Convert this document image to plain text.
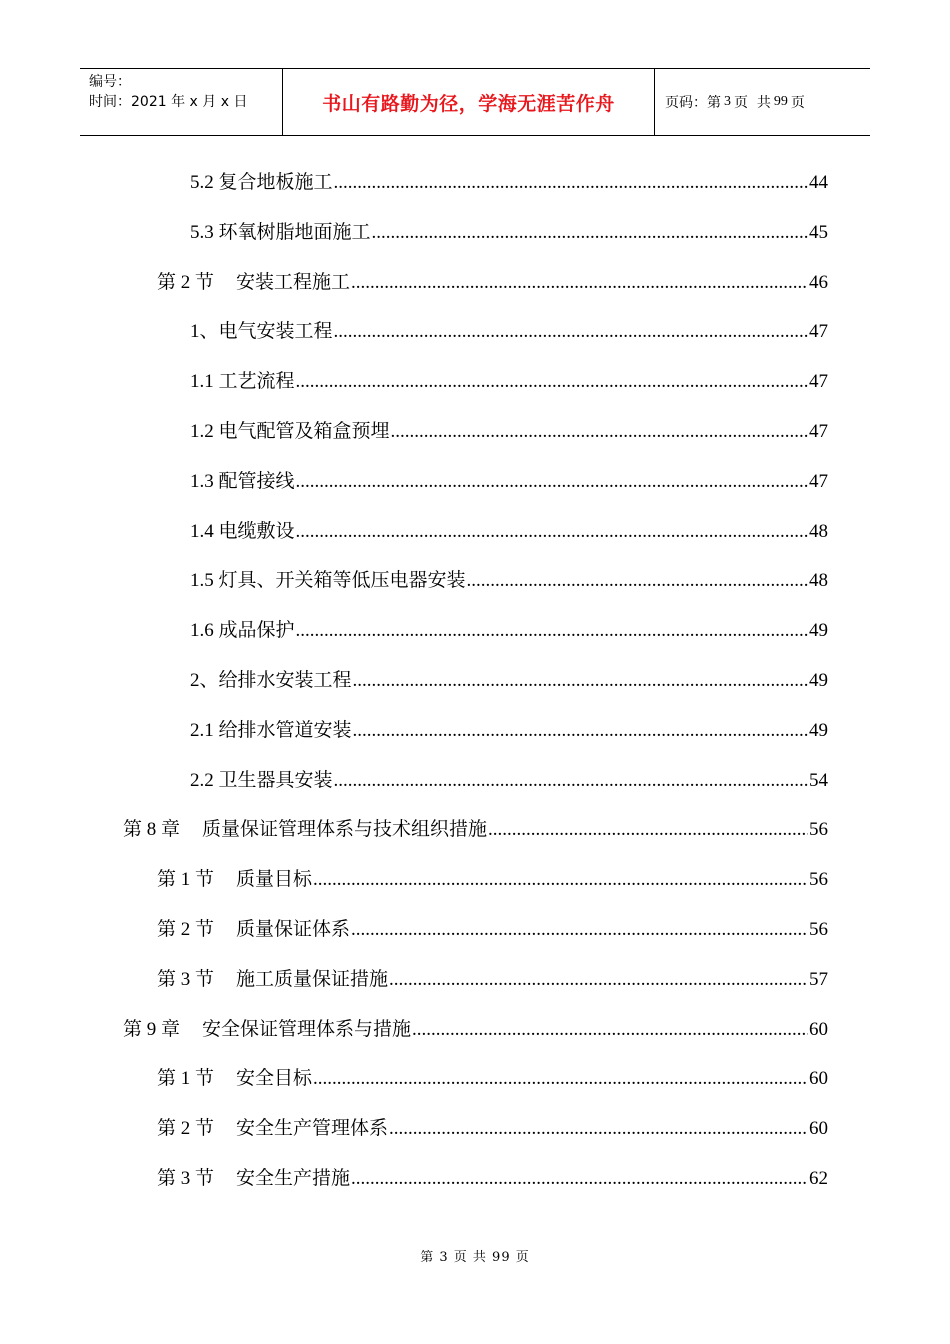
编号：
时间：2021 年 x 月 x 日	书山有路勤为径，学海无涯苦作舟	页码：第 3 页  共 99 页
5.2 复合地板施工 .....	44
5.3 环氧树脂地面施工 .....	45
第 2 节 安装工程施工 .....	46
1、电气安装工程 .....	47
1.1 工艺流程 .....	47
1.2 电气配管及箱盒预埋 .....	47
1.3 配管接线 .....	47
1.4 电缆敷设 .....	48
1.5 灯具、开关箱等低压电器安装 .....	48
1.6 成品保护 .....	49
2、给排水安装工程 .....	49
2.1 给排水管道安装 .....	49
2.2 卫生器具安装 .....	54
第 8 章 质量保证管理体系与技术组织措施 .....	56
第 1 节 质量目标 .....	56
第 2 节 质量保证体系 .....	56
第 3 节 施工质量保证措施 .....	57
第 9 章 安全保证管理体系与措施 .....	60
第 1 节 安全目标 .....	60
第 2 节 安全生产管理体系 .....	60
第 3 节 安全生产措施 .....	62
第 3 页 共 99 页
